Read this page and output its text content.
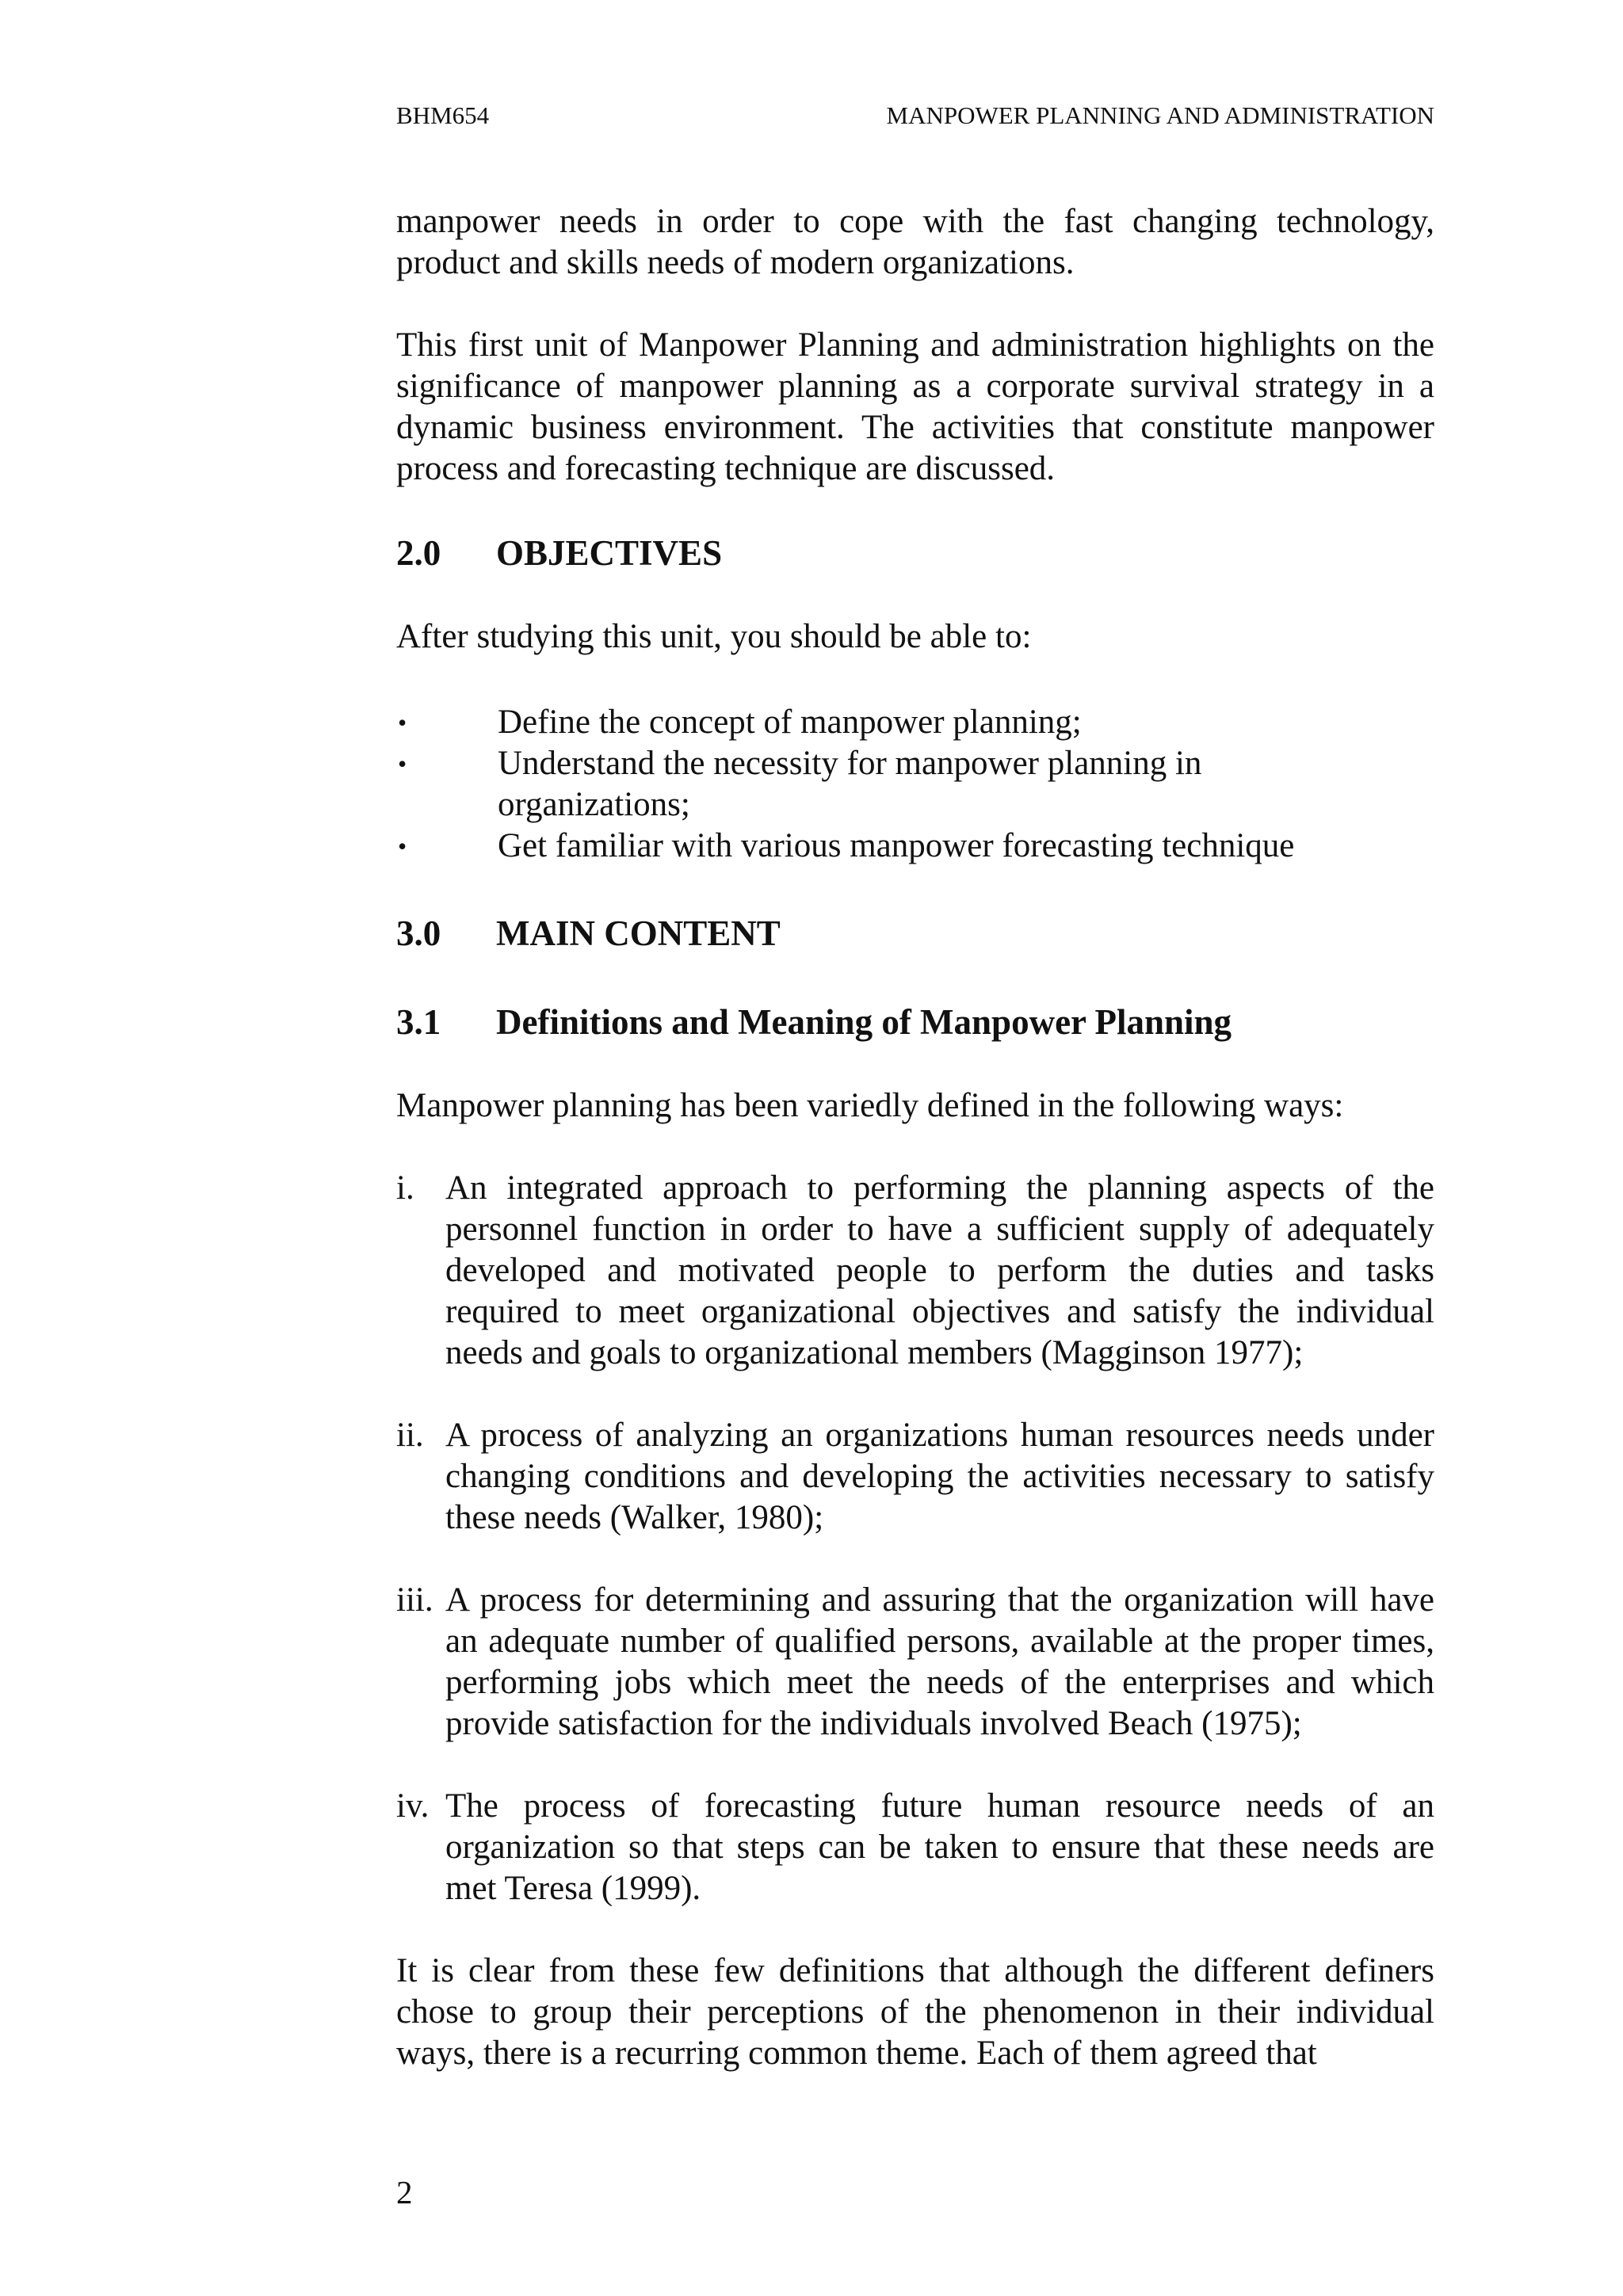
BHM654	MANPOWER PLANNING AND ADMINISTRATION

manpower needs in order to cope with the fast changing technology, product and skills needs of modern organizations.

This first unit of Manpower Planning and administration highlights on the significance of manpower planning as a corporate survival strategy in a dynamic business environment. The activities that constitute manpower process and forecasting technique are discussed.

2.0	OBJECTIVES

After studying this unit, you should be able to:

•	Define the concept of manpower planning;
•	Understand the necessity for manpower planning in organizations;
•	Get familiar with various manpower forecasting technique
3.0	MAIN CONTENT
3.1	Definitions and Meaning of Manpower Planning

Manpower planning has been variedly defined in the following ways:

i. An integrated approach to performing the planning aspects of the personnel function in order to have a sufficient supply of adequately developed and motivated people to perform the duties and tasks required to meet organizational objectives and satisfy the individual needs and goals to organizational members (Magginson 1977);
ii. A process of analyzing an organizations human resources needs under changing conditions and developing the activities necessary to satisfy these needs (Walker, 1980);
iii. A process for determining and assuring that the organization will have an adequate number of qualified persons, available at the proper times, performing jobs which meet the needs of the enterprises and which provide satisfaction for the individuals involved Beach (1975);
iv. The process of forecasting future human resource needs of an organization so that steps can be taken to ensure that these needs are met Teresa (1999).

It is clear from these few definitions that although the different definers chose to group their perceptions of the phenomenon in their individual ways, there is a recurring common theme. Each of them agreed that

2
